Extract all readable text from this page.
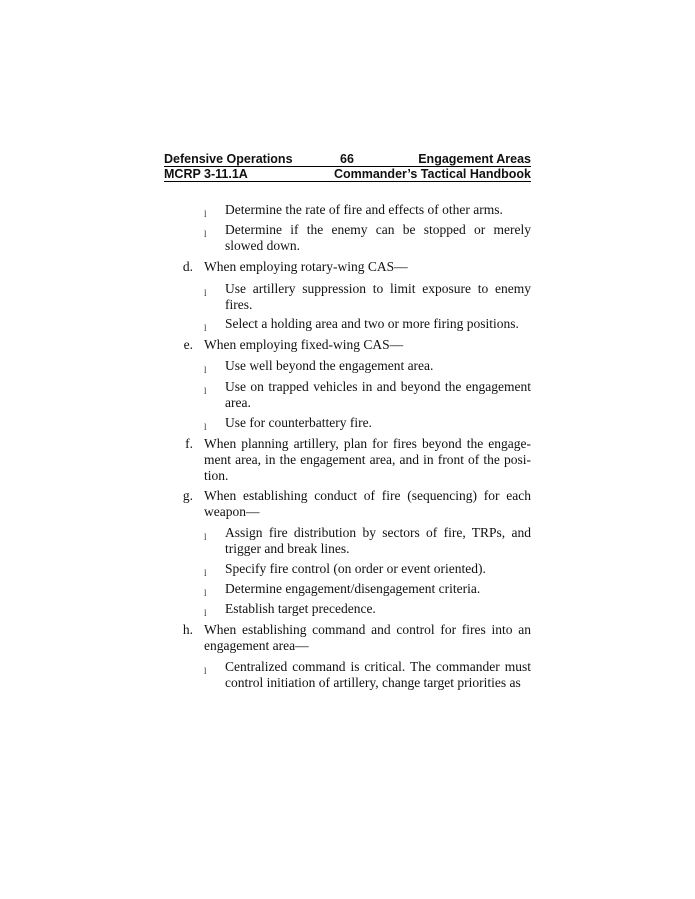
Defensive Operations	66	Engagement Areas
MCRP 3-11.1A	Commander’s Tactical Handbook
l	Determine the rate of fire and effects of other arms.
l	Determine if the enemy can be stopped or merely slowed down.
d. When employing rotary-wing CAS—
l	Use artillery suppression to limit exposure to enemy fires.
l	Select a holding area and two or more firing positions.
e. When employing fixed-wing CAS—
l	Use well beyond the engagement area.
l	Use on trapped vehicles in and beyond the engagement area.
l	Use for counterbattery fire.
f. When planning artillery, plan for fires beyond the engage-ment area, in the engagement area, and in front of the posi-tion.
g. When establishing conduct of fire (sequencing) for each weapon—
l	Assign fire distribution by sectors of fire, TRPs, and trigger and break lines.
l	Specify fire control (on order or event oriented).
l	Determine engagement/disengagement criteria.
l	Establish target precedence.
h. When establishing command and control for fires into an engagement area—
l	Centralized command is critical. The commander must control initiation of artillery, change target priorities as
